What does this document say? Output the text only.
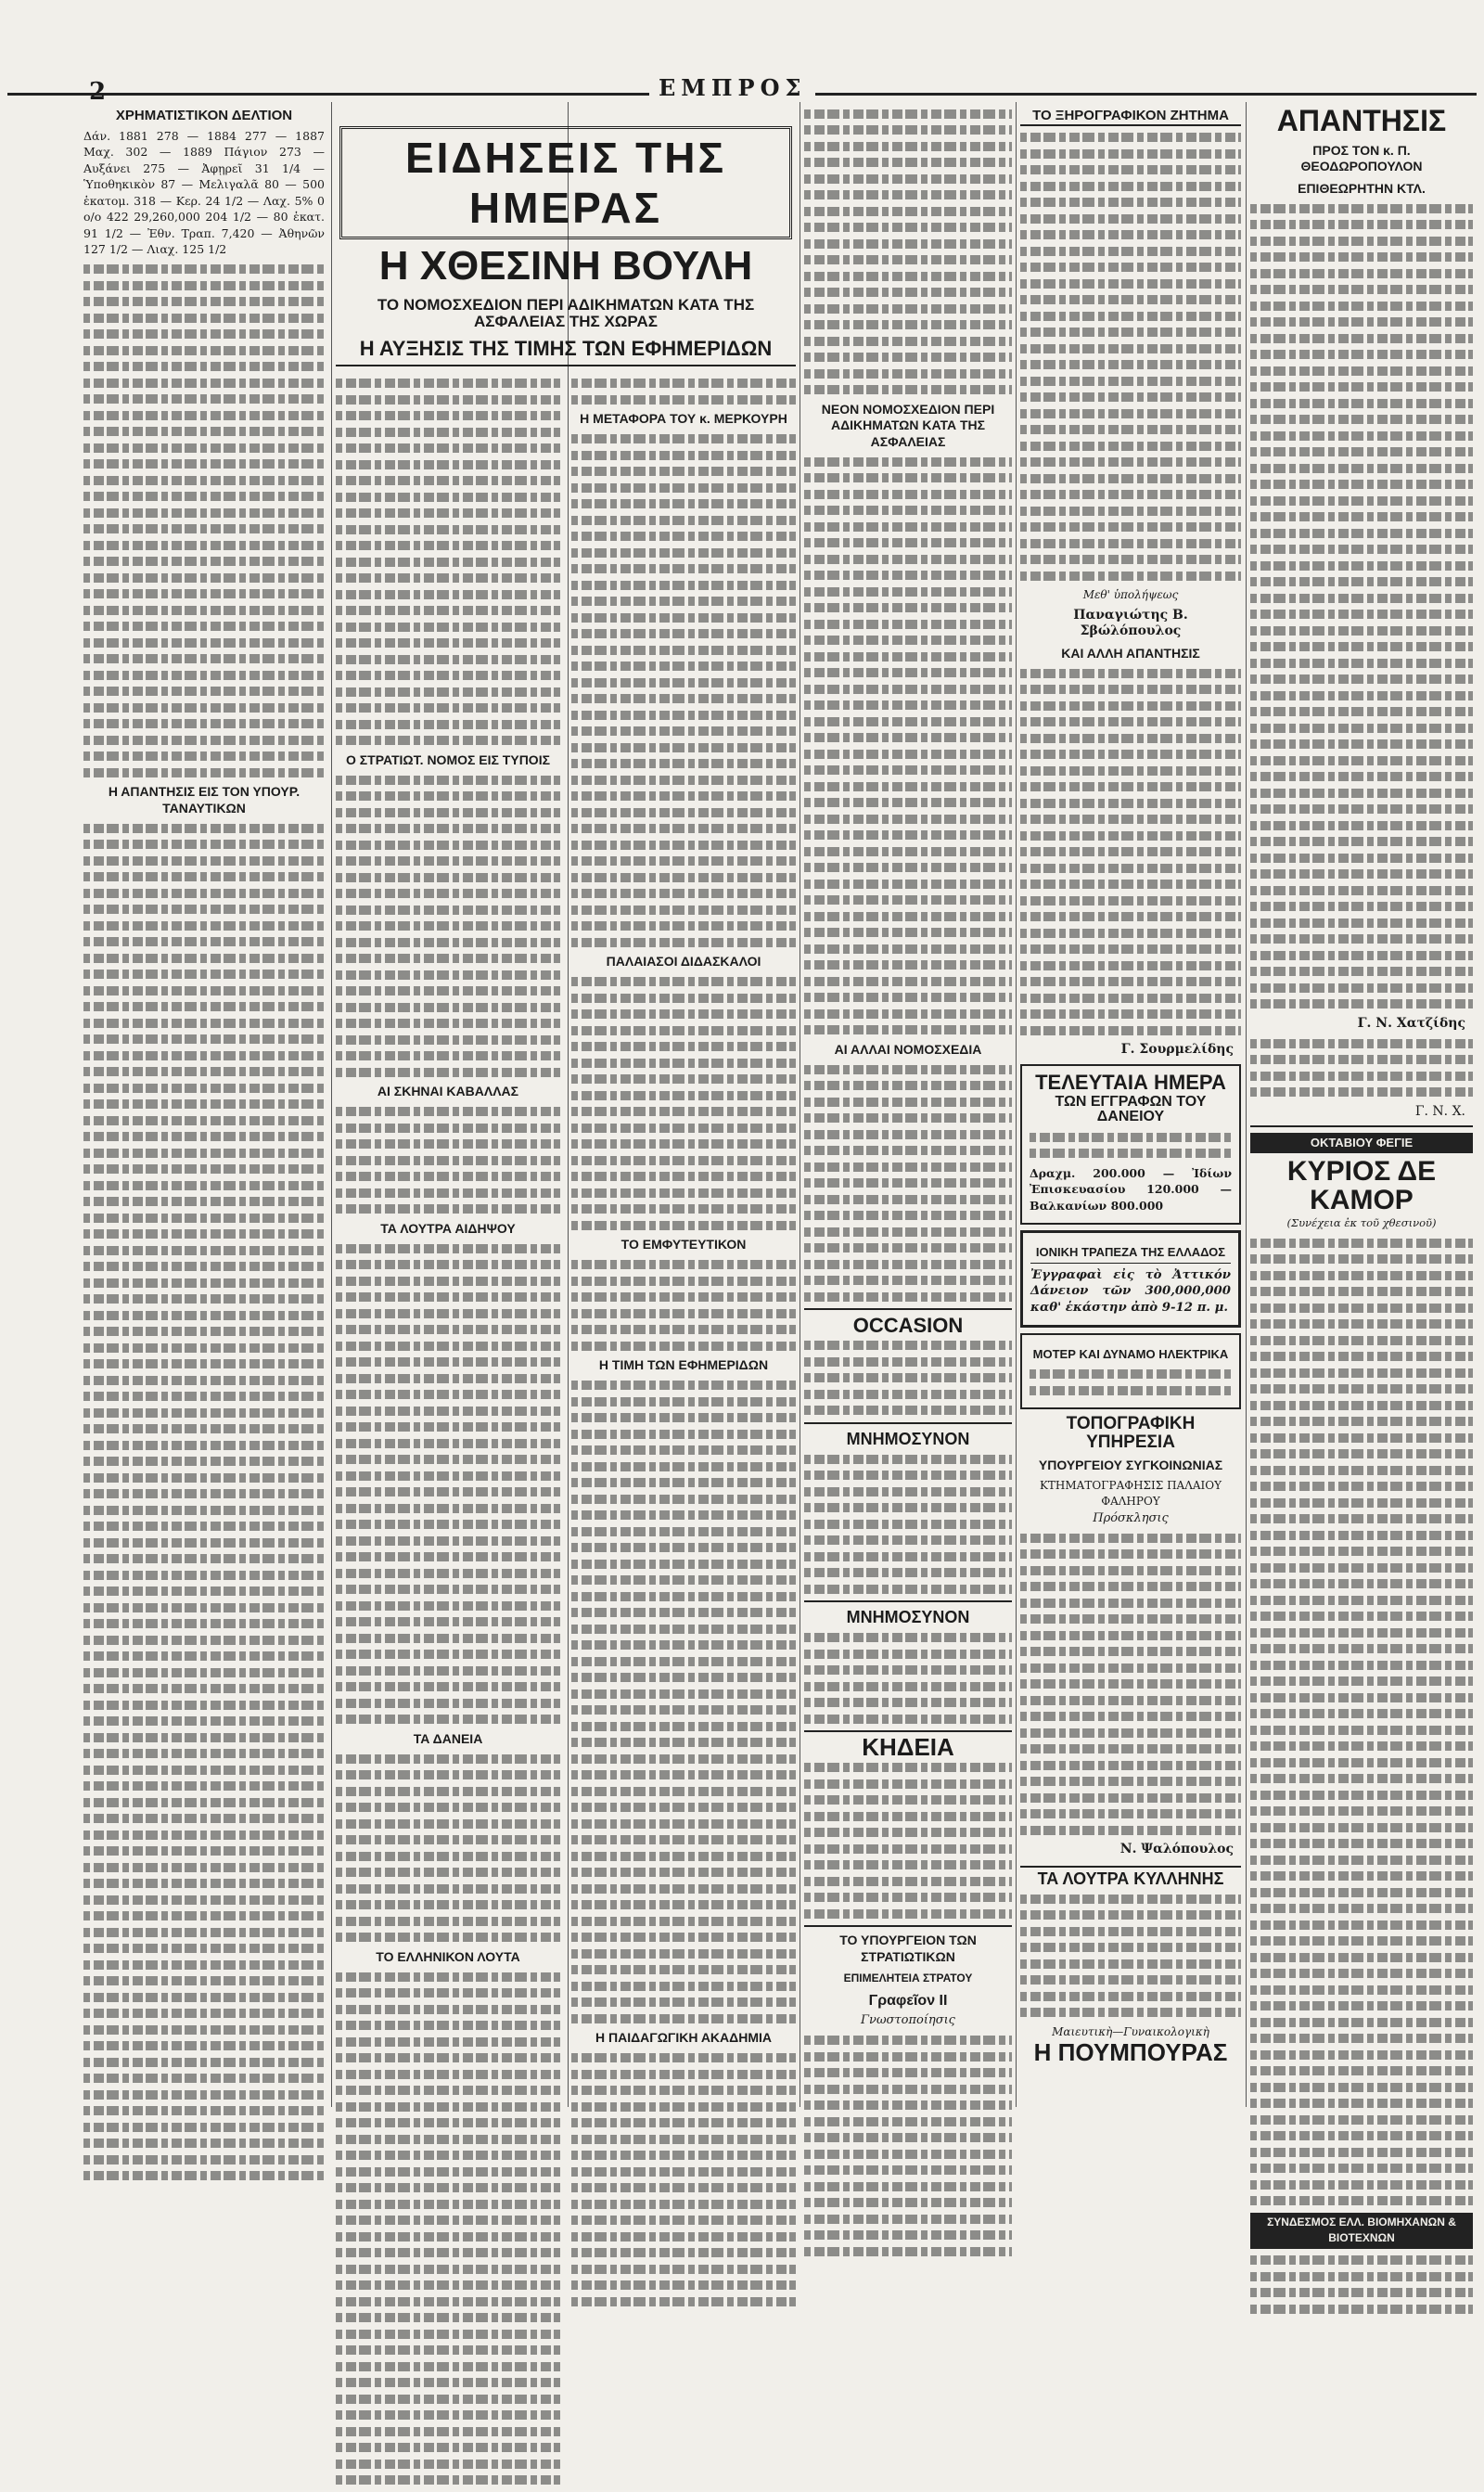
2	ΕΜΠΡΟΣ
ΧΡΗΜΑΤΙΣΤΙΚΟΝ ΔΕΛΤΙΟΝ

Δάν. 1881 278 — 1884 277 — 1887 Μαχ. 302 — 1889 Πάγιον 273 — Αυξάνει 275 — Ἀφῃρεῖ 31 1/4 — Ὑποθηκικὸν 87 — Μελιγαλᾶ 80 — 500 ἑκατομ. 318 — Κερ. 24 1/2 — Λαχ. 5% 0 ο/ο 422 29,260,000 204 1/2 — 80 ἑκατ. 91 1/2 — Ἐθν. Τραπ. 7,420 — Ἀθηνῶν 127 1/2 — Λιαχ. 125 1/2

Η ΑΠΑΝΤΗΣΙΣ ΕΙΣ ΤΟΝ ΥΠΟΥΡ. ΤΑΝΑΥΤΙΚΩΝ
ΕΙΔΗΣΕΙΣ ΤΗΣ ΗΜΕΡΑΣ
Η ΧΘΕΣΙΝΗ ΒΟΥΛΗ
ΤΟ ΝΟΜΟΣΧΕΔΙΟΝ ΠΕΡΙ ΑΔΙΚΗΜΑΤΩΝ ΚΑΤΑ ΤΗΣ ΑΣΦΑΛΕΙΑΣ ΤΗΣ ΧΩΡΑΣ
Η ΑΥΞΗΣΙΣ ΤΗΣ ΤΙΜΗΣ ΤΩΝ ΕΦΗΜΕΡΙΔΩΝ
Ο ΣΤΡΑΤΙΩΤ. ΝΟΜΟΣ ΕΙΣ ΤΥΠΟΙΣ
ΑΙ ΣΚΗΝΑΙ ΚΑΒΑΛΛΑΣ
ΤΑ ΛΟΥΤΡΑ ΑΙΔΗΨΟΥ
ΤΑ ΔΑΝΕΙΑ
ΤΟ ΕΛΛΗΝΙΚΟΝ ΛΟΥΤΑ
Η ΜΕΤΑΦΟΡΑ ΤΟΥ κ. ΜΕΡΚΟΥΡΗ
ΠΑΛΑΙΑΣΟΙ ΔΙΔΑΣΚΑΛΟΙ
ΤΟ ΕΜΦΥΤΕΥΤΙΚΟΝ
Η ΤΙΜΗ ΤΩΝ ΕΦΗΜΕΡΙΔΩΝ
Η ΠΑΙΔΑΓΩΓΙΚΗ ΑΚΑΔΗΜΙΑ
ΝΕΟΝ ΝΟΜΟΣΧΕΔΙΟΝ ΠΕΡΙ ΑΔΙΚΗΜΑΤΩΝ ΚΑΤΑ ΤΗΣ ΑΣΦΑΛΕΙΑΣ
ΑΙ ΑΛΛΑΙ ΝΟΜΟΣΧΕΔΙΑ
OCCASION
ΜΝΗΜΟΣΥΝΟΝ
ΜΝΗΜΟΣΥΝΟΝ
ΚΗΔΕΙΑ
ΤΟ ΥΠΟΥΡΓΕΙΟΝ ΤΩΝ ΣΤΡΑΤΙΩΤΙΚΩΝ
ΕΠΙΜΕΛΗΤΕΙΑ ΣΤΡΑΤΟΥ
Γραφεῖον ΙΙ
Γνωστοποίησις
ΤΟ ΞΗΡΟΓΡΑΦΙΚΟΝ ΖΗΤΗΜΑ
Μεθ' ὑπολήψεως
Παναγιώτης Β. Σβώλόπουλος
ΚΑΙ ΑΛΛΗ ΑΠΑΝΤΗΣΙΣ
Γ. Σουρμελίδης
ΤΕΛΕΥΤΑΙΑ ΗΜΕΡΑ
ΤΩΝ ΕΓΓΡΑΦΩΝ ΤΟΥ ΔΑΝΕΙΟΥ

Δραχμ. 200.000 — Ἰδίων Ἐπισκευασίου 120.000 — Βαλκανίων 800.000

ΙΟΝΙΚΗ ΤΡΑΠΕΖΑ ΤΗΣ ΕΛΛΑΔΟΣ

Ἐγγραφαὶ εἰς τὸ Ἀττικόν Δάνειον τῶν 300,000,000 καθ' ἑκάστην ἀπὸ 9-12 π. μ.

ΜΟΤΕΡ ΚΑΙ ΔΥΝΑΜΟ ΗΛΕΚΤΡΙΚΑ
ΤΟΠΟΓΡΑΦΙΚΗ ΥΠΗΡΕΣΙΑ
ΥΠΟΥΡΓΕΙΟΥ ΣΥΓΚΟΙΝΩΝΙΑΣ
ΚΤΗΜΑΤΟΓΡΑΦΗΣΙΣ ΠΑΛΑΙΟΥ ΦΑΛΗΡΟΥ
Πρόσκλησις
Ν. Ψαλόπουλος
ΤΑ ΛΟΥΤΡΑ ΚΥΛΛΗΝΗΣ
Μαιευτικὴ—Γυναικολογικὴ
Η ΠΟΥΜΠΟΥΡΑΣ
ΑΠΑΝΤΗΣΙΣ
ΠΡΟΣ ΤΟΝ κ. Π. ΘΕΟΔΩΡΟΠΟΥΛΟΝ
ΕΠΙΘΕΩΡΗΤΗΝ ΚΤΛ.
Γ. Ν. Χατζίδης
Γ. Ν. Χ.
ΟΚΤΑΒΙΟΥ ΦΕΓΙΕ
ΚΥΡΙΟΣ ΔΕ ΚΑΜΟΡ
(Συνέχεια ἐκ τοῦ χθεσινοῦ)
ΣΥΝΔΕΣΜΟΣ ΕΛΛ. ΒΙΟΜΗΧΑΝΩΝ & ΒΙΟΤΕΧΝΩΝ
